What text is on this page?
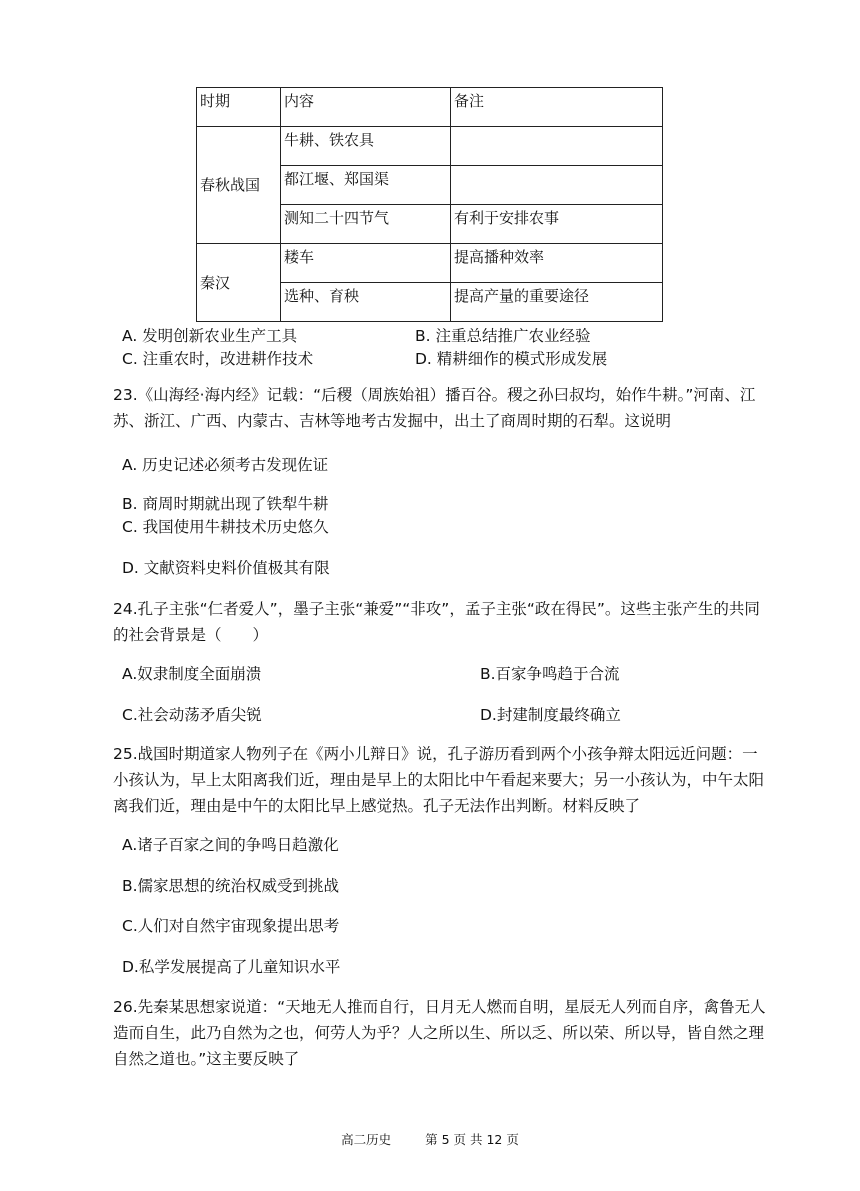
时期	内容	备注
春秋战国	牛耕、铁农具	
	都江堰、郑国渠	
	测知二十四节气	有利于安排农事
秦汉	耧车	提高播种效率
	选种、育秧	提高产量的重要途径
A. 发明创新农业生产工具	B. 注重总结推广农业经验
C. 注重农时，改进耕作技术	D. 精耕细作的模式形成发展
23.《山海经·海内经》记载：“后稷（周族始祖）播百谷。稷之孙曰叔均，始作牛耕。”河南、江苏、浙江、广西、内蒙古、吉林等地考古发掘中，出土了商周时期的石犁。这说明
A. 历史记述必须考古发现佐证
B. 商周时期就出现了铁犁牛耕
C. 我国使用牛耕技术历史悠久
D. 文献资料史料价值极其有限
24.孔子主张“仁者爱人”，墨子主张“兼爱”“非攻”，孟子主张“政在得民”。这些主张产生的共同的社会背景是（　　）
A.奴隶制度全面崩溃	B.百家争鸣趋于合流
C.社会动荡矛盾尖锐	D.封建制度最终确立
25.战国时期道家人物列子在《两小儿辩日》说，孔子游历看到两个小孩争辩太阳远近问题：一小孩认为，早上太阳离我们近，理由是早上的太阳比中午看起来要大；另一小孩认为，中午太阳离我们近，理由是中午的太阳比早上感觉热。孔子无法作出判断。材料反映了
A.诸子百家之间的争鸣日趋激化
B.儒家思想的统治权威受到挑战
C.人们对自然宇宙现象提出思考
D.私学发展提高了儿童知识水平
26.先秦某思想家说道：“天地无人推而自行，日月无人燃而自明，星辰无人列而自序，禽鲁无人造而自生，此乃自然为之也，何劳人为乎？人之所以生、所以乏、所以荣、所以导，皆自然之理自然之道也。”这主要反映了
高二历史	第 5 页 共 12 页
